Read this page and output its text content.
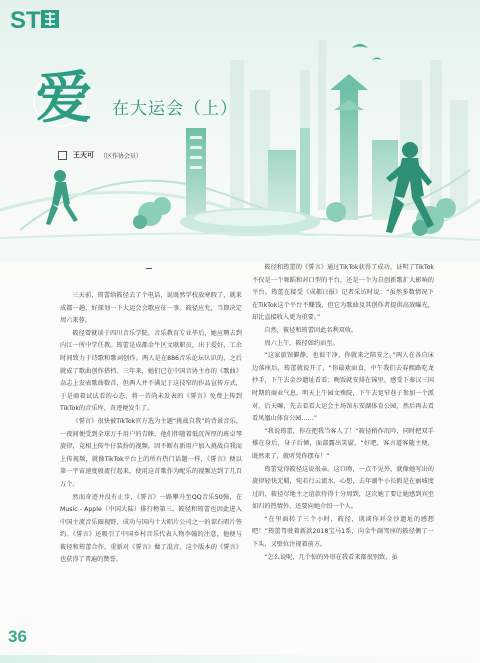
ST
爱 在大运会（上）
王天可 （区作协会员）

三天前，筠蕾给筱径去了个电话，说既然学校放寒假了，就来成都一趟，好探划一下大运会会歌应征一事。筱径应允，当即决定周六来蓉。

筱径曾就读于四川音乐学院，音乐教育专业毕后，她应聘去到内江一所中学任教。筠蕾是成都金牛区文联职员，出于爱好，工余时间致力于诗歌和歌词创作。两人是在886音乐论坛认识的，之后就成了歌曲创作搭档。三年来，她们已在中国音协主办的《歌曲》杂志上发表歌曲数首，但两人并不满足于这技窄的作品宣传方式，于是商着试试看的心态，将一首尚未发表的《誓言》免费上传到TikTok的音乐库，奇迹便发生了。

《誓言》很快被TikTok官方选为主题“挑战自我”的背景音乐。一夜间便受到全球万千用户的青睐，他们伴随着低沉浑厚的班卓琴旋律，竞相上传牛仔装扮的视频。因不断有新用户加入挑战自我而上传视频，就像TikTok平台上的所有热门话题一样，《誓言》便以第一宇宙速度般流行起来，使用这首歌作为配乐的视频达到了几百万个。

然而奇迹并没有止步，《誓言》一路攀升至QQ音乐50强，在Music - Apple（中国大陆）排行榜第三。筱径和筠蕾也因此进入中国主流音乐圈视野，成功与国内十大唱片公司之一的谅石唱片签约。《誓言》还吸引了中国乡村音乐代表人物李翰的注意，他便与筱径和筠蕾合作，重新对《誓言》做了混音，这个版本的《誓言》也获得了普遍的赞誉。

筱径和筠蕾的《誓言》通过TikTok获得了成功，证明了TikTok不仅是一个舞蹈和对口型的平台，还是一个为自创新歌扩大影响的平台。筠蕾在接受《成都日报》记者采访时说：“虽然多数情况下在TikTok这个平台不赚钱，但它为歌曲及其创作者提供高效曝光，却比直接收入更为重要。”

自然，筱径和筠蕾因此名利双收。

周六上午，筱径如约而至。

“这家旅馆僻静，也很干净，你就来之陪安之。”两人在各自床边落座后，筠蕾就说开了，“你最欢面食，中午我们去春熙路吃龙抄手，下午去金沙遗址看看；晚饭就安排在锦里，感受下秦汉三国时期的商业气息，明天上午园文殊院，下午去宽窄巷子参加一个派对，后天嘛，先去看看大运会主场馆东安湖体育公园，然后再去看看凤凰山体育公园……”

“我说筠蕾，你在把我当客人了！”筱径稍作沉吟，同时把双手撑在身后，身子后倾，面部露出笑靥，“好吧，客言道客随主便，既然来了，就听凭你摆布！”

筠蕾觉得筱径这说很亲。这口吻，一点不见外，就像她写出的旋律轻快无羁，宛若行云流水，心想，去年湖牛小长假是在丽城度过的，筱径尽地主之谊款待得十分周到，这次她了要让她感到宾至如归的热情外，还要向她介绍一个人。

“在里面转了三个小时，筱径，谈谈你对金沙遗址的感想吧！”筠蕾驾驶着新款2018宝马1系，向金牛副驾座的筱径侧了一下头，又壁位注视着前方。

“怎么说呢，几个惊的外形在我看来都很别致，虽

36
